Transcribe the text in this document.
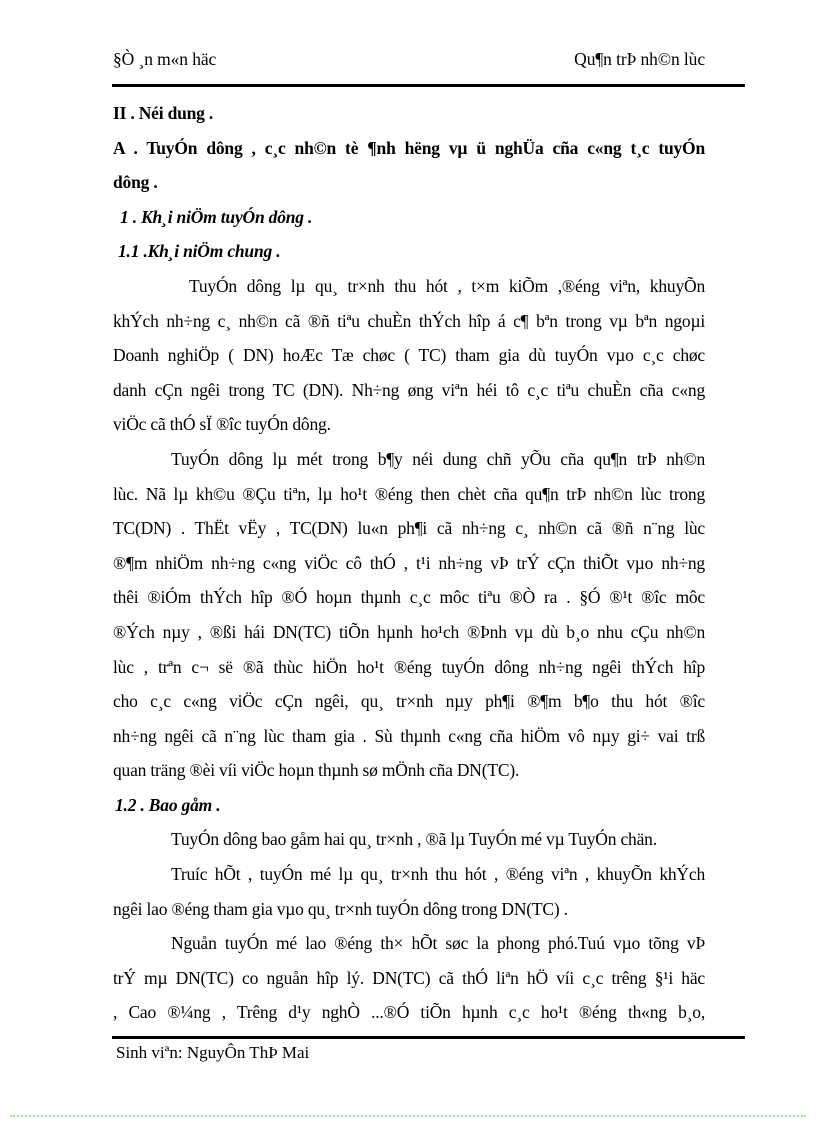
§Ò ¸n m«n häc	Qu¶n trÞ nh©n lùc
II . Néi dung .
A . TuyÓn dông , c¸c nh©n tè ¶nh hëng vµ ü nghÜa cña c«ng t¸c tuyÓn
dông .
1 . Kh¸i niÖm tuyÓn dông .
1.1 .Kh¸i niÖm chung .
TuyÓn dông lµ qu¸ tr×nh thu hót , t×m kiÕm ,®éng viªn, khuyÕn
khÝch nh÷ng c¸ nh©n cã ®ñ tiªu chuÈn thÝch hîp á c¶ bªn trong vµ bªn ngoµi
Doanh nghiÖp ( DN) hoÆc Tæ chøc ( TC) tham gia dù tuyÓn vµo c¸c chøc
danh cÇn ngêi trong TC (DN). Nh÷ng øng viªn héi tô c¸c tiªu chuÈn cña c«ng
viÖc cã thÓ sÏ ®îc tuyÓn dông.
TuyÓn dông lµ mét trong b¶y néi dung chñ yÕu cña qu¶n trÞ nh©n
lùc. Nã lµ kh©u ®Çu tiªn, lµ ho¹t ®éng then chèt cña qu¶n trÞ nh©n lùc trong
TC(DN) . ThËt vËy , TC(DN) lu«n ph¶i cã nh÷ng c¸ nh©n cã ®ñ n¨ng lùc
®¶m nhiÖm nh÷ng c«ng viÖc cô thÓ , t¹i nh÷ng vÞ trÝ cÇn thiÕt vµo nh÷ng
thêi ®iÓm thÝch hîp ®Ó hoµn thµnh c¸c môc tiªu ®Ò ra . §Ó ®¹t ®îc môc
®Ých nµy , ®ßi hái DN(TC) tiÕn hµnh ho¹ch ®Þnh vµ dù b¸o nhu cÇu nh©n
lùc , trªn c¬ së ®ã thùc hiÖn ho¹t ®éng tuyÓn dông nh÷ng ngêi thÝch hîp
cho c¸c c«ng viÖc cÇn ngêi, qu¸ tr×nh nµy ph¶i ®¶m b¶o thu hót ®îc
nh÷ng ngêi cã n¨ng lùc tham gia . Sù thµnh c«ng cña hiÖm vô nµy gi÷ vai trß
quan träng ®èi víi viÖc hoµn thµnh sø mÖnh cña DN(TC).
1.2 . Bao gåm .
TuyÓn dông bao gåm hai qu¸ tr×nh , ®ã lµ TuyÓn mé vµ TuyÓn chän.
Truíc hÕt , tuyÓn mé lµ qu¸ tr×nh thu hót , ®éng viªn , khuyÕn khÝch
ngêi lao ®éng tham gia vµo qu¸ tr×nh tuyÓn dông trong DN(TC) .
Nguån tuyÓn mé lao ®éng th× hÕt søc la phong phó.Tuú vµo tõng vÞ
trÝ mµ DN(TC) co nguån hîp lý. DN(TC) cã thÓ liªn hÖ víi c¸c trêng §¹i häc
, Cao ®¼ng , Trêng d¹y nghÒ ...®Ó tiÕn hµnh c¸c ho¹t ®éng th«ng b¸o,
Sinh viªn: NguyÔn ThÞ Mai
